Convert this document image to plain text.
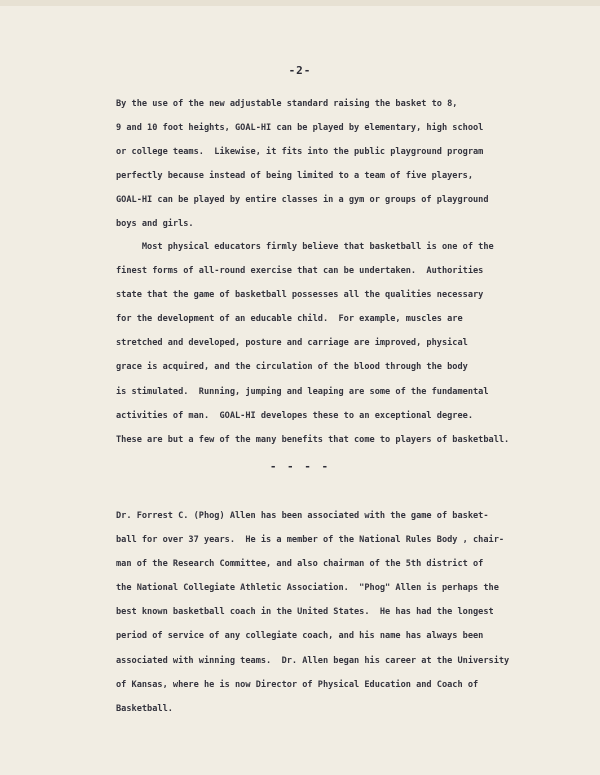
-2-
By the use of the new adjustable standard raising the basket to 8,
9 and 10 foot heights, GOAL-HI can be played by elementary, high school
or college teams.  Likewise, it fits into the public playground program
perfectly because instead of being limited to a team of five players,
GOAL-HI can be played by entire classes in a gym or groups of playground
boys and girls.
Most physical educators firmly believe that basketball is one of the
finest forms of all-round exercise that can be undertaken.  Authorities
state that the game of basketball possesses all the qualities necessary
for the development of an educable child.  For example, muscles are
stretched and developed, posture and carriage are improved, physical
grace is acquired, and the circulation of the blood through the body
is stimulated.  Running, jumping and leaping are some of the fundamental
activities of man.  GOAL-HI developes these to an exceptional degree.
These are but a few of the many benefits that come to players of basketball.
- - - -
Dr. Forrest C. (Phog) Allen has been associated with the game of basket-
ball for over 37 years.  He is a member of the National Rules Body , chair-
man of the Research Committee, and also chairman of the 5th district of
the National Collegiate Athletic Association.  "Phog" Allen is perhaps the
best known basketball coach in the United States.  He has had the longest
period of service of any collegiate coach, and his name has always been
associated with winning teams.  Dr. Allen began his career at the University
of Kansas, where he is now Director of Physical Education and Coach of
Basketball.
